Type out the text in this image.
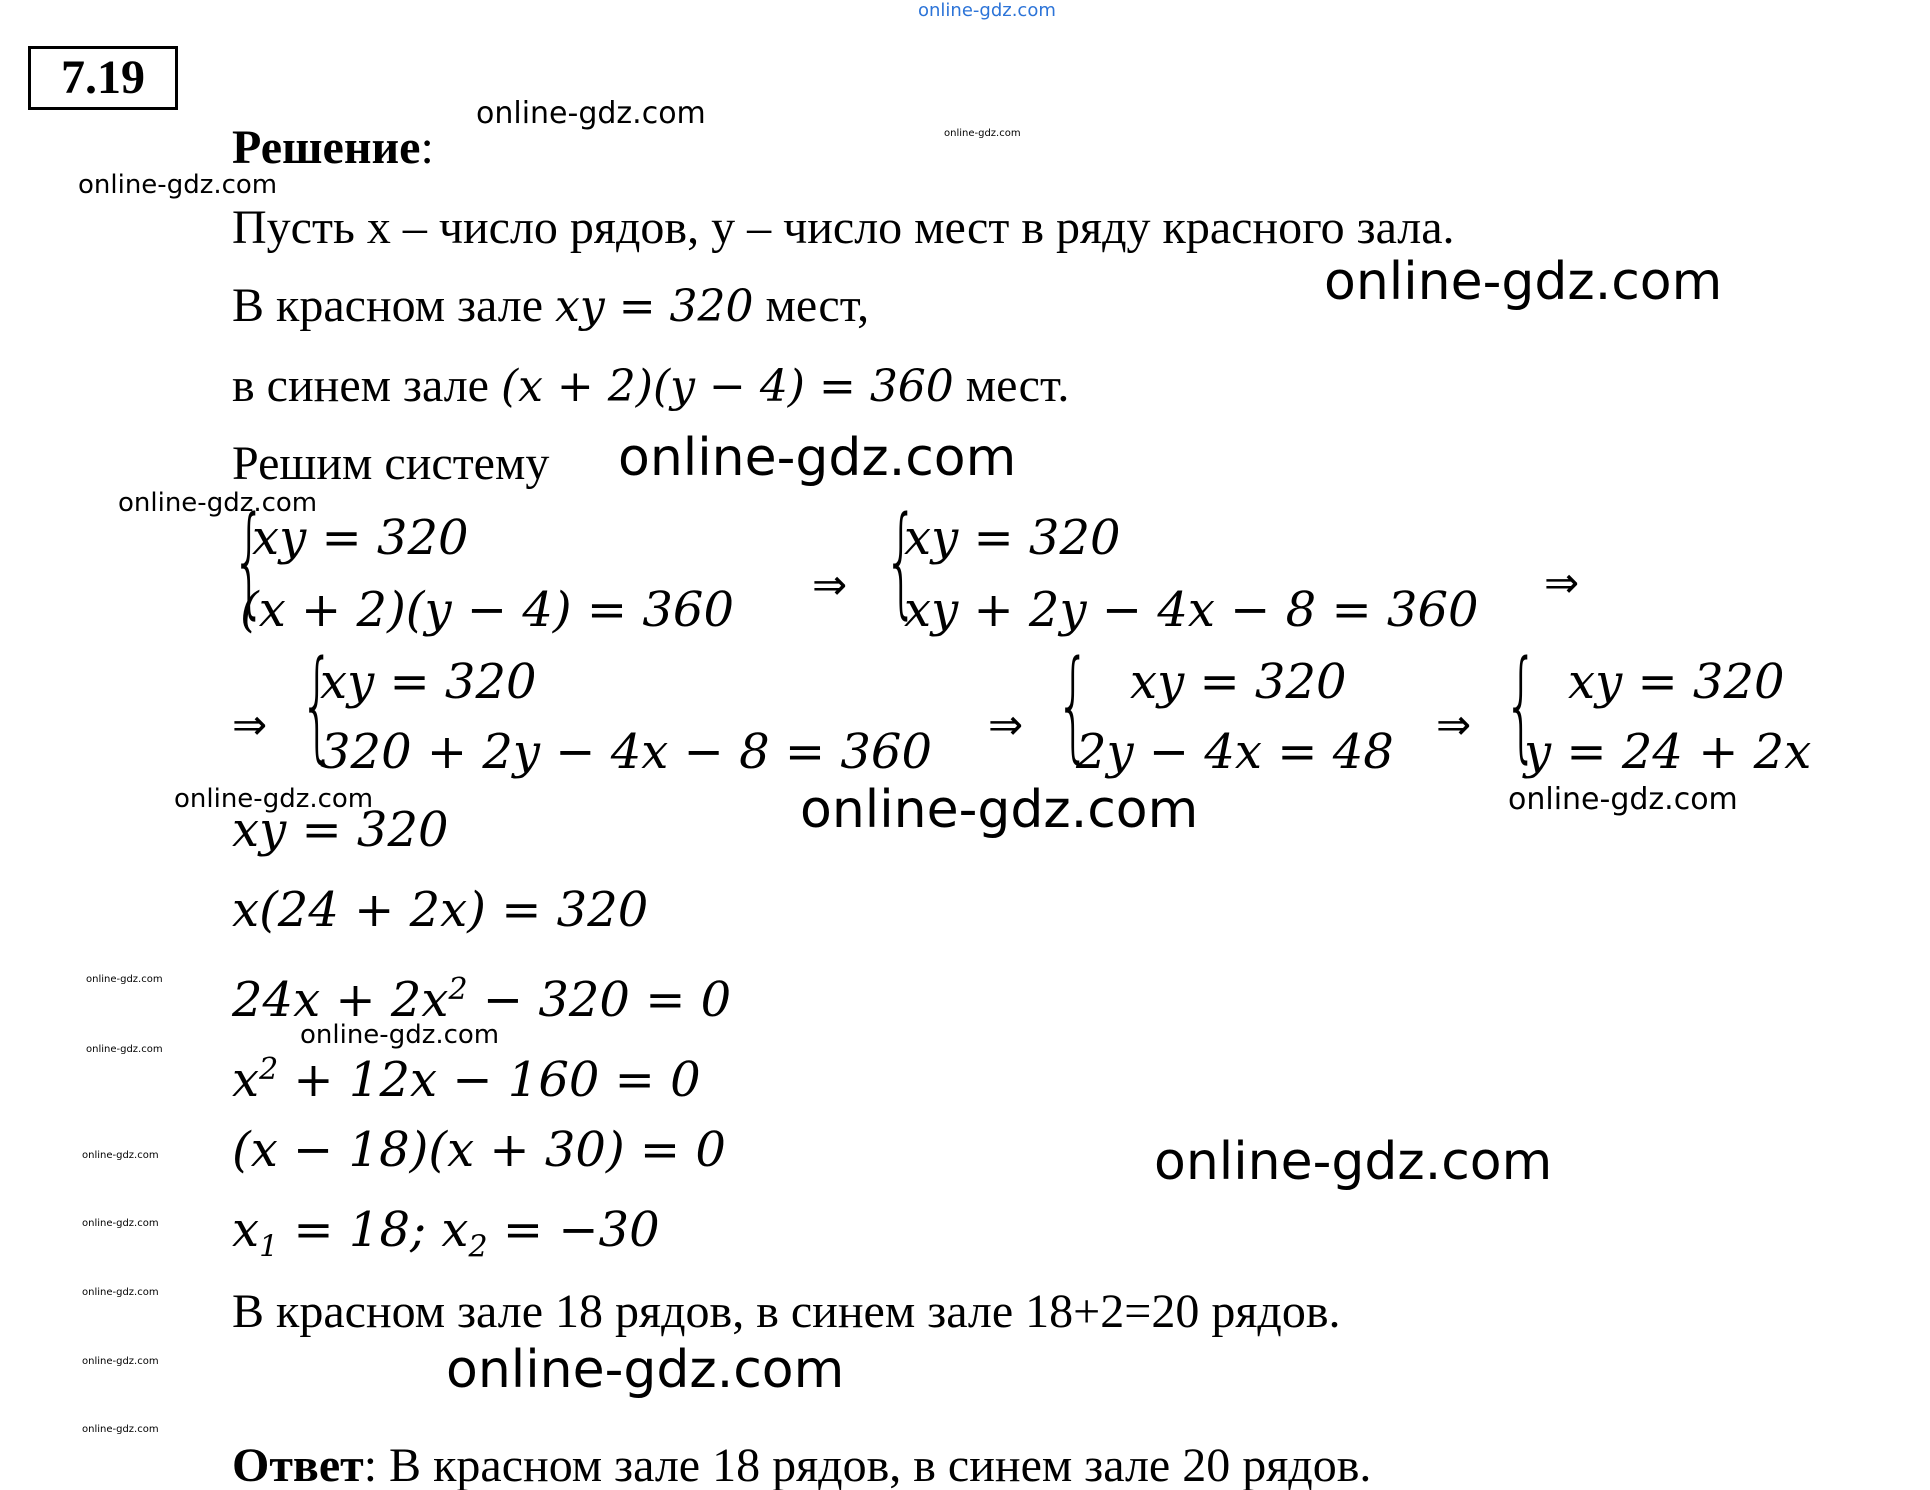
online-gdz.com
online-gdz.com
online-gdz.com
online-gdz.com
online-gdz.com
online-gdz.com
online-gdz.com
online-gdz.com	online-gdz.com	online-gdz.com
online-gdz.com
online-gdz.com
online-gdz.com
online-gdz.com
online-gdz.com
online-gdz.com
online-gdz.com
online-gdz.com
online-gdz.com
online-gdz.com
7.19
Решение:
Пусть x – число рядов, y – число мест в ряду красного зала.
В красном зале xy = 320 мест,
в синем зале (x + 2)(y − 4) = 360 мест.
Решим систему
{
xy = 320
(x + 2)(y − 4) = 360 ⇒ {
xy = 320
xy + 2y − 4x − 8 = 360 ⇒
⇒ {
xy = 320
320 + 2y − 4x − 8 = 360 ⇒ { xy = 320
2y − 4x = 48 ⇒ { xy = 320
y = 24 + 2x
xy = 320
x(24 + 2x) = 320
$24x + 2x^2 - 320 = 0$
$x^2 + 12x - 160 = 0$
(x − 18)(x + 30) = 0
$x_1 = 18$; $x_2 = -30$
В красном зале 18 рядов, в синем зале 18+2=20 рядов.
Ответ: В красном зале 18 рядов, в синем зале 20 рядов.
